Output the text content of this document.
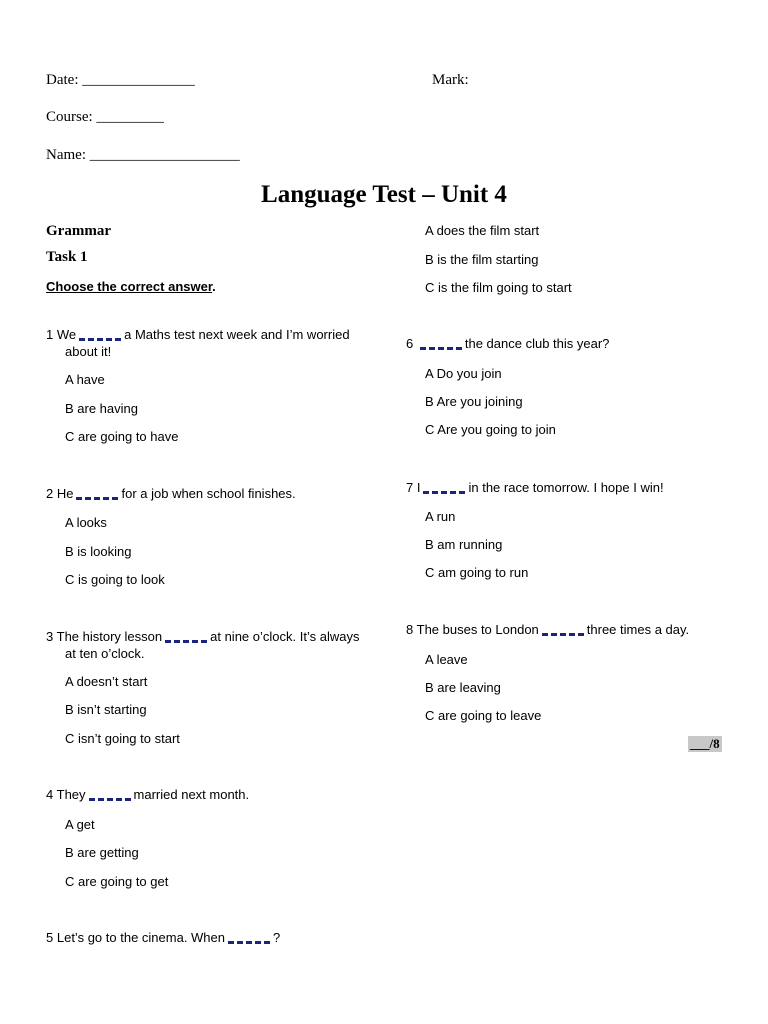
Date: _______________	Mark:
Course: _________
Name: ____________________
Language Test – Unit 4
Grammar
Task 1
Choose the correct answer.
1 We	a Maths test next week and I’m worried
about it!
A have
B are having
C are going to have
2 He	for a job when school finishes.
A looks
B is looking
C is going to look
3 The history lesson	at nine o’clock. It’s always
at ten o’clock.
A doesn’t start
B isn’t starting
C isn’t going to start
4 They	married next month.
A get
B are getting
C are going to get
5 Let’s go to the cinema. When	?
A does the film start
B is the film starting
C is the film going to start
6	the dance club this year?
A Do you join
B Are you joining
C Are you going to join
7 I	in the race tomorrow. I hope I win!
A run
B am running
C am going to run
8 The buses to London	three times a day.
A leave
B are leaving
C are going to leave
___/8
